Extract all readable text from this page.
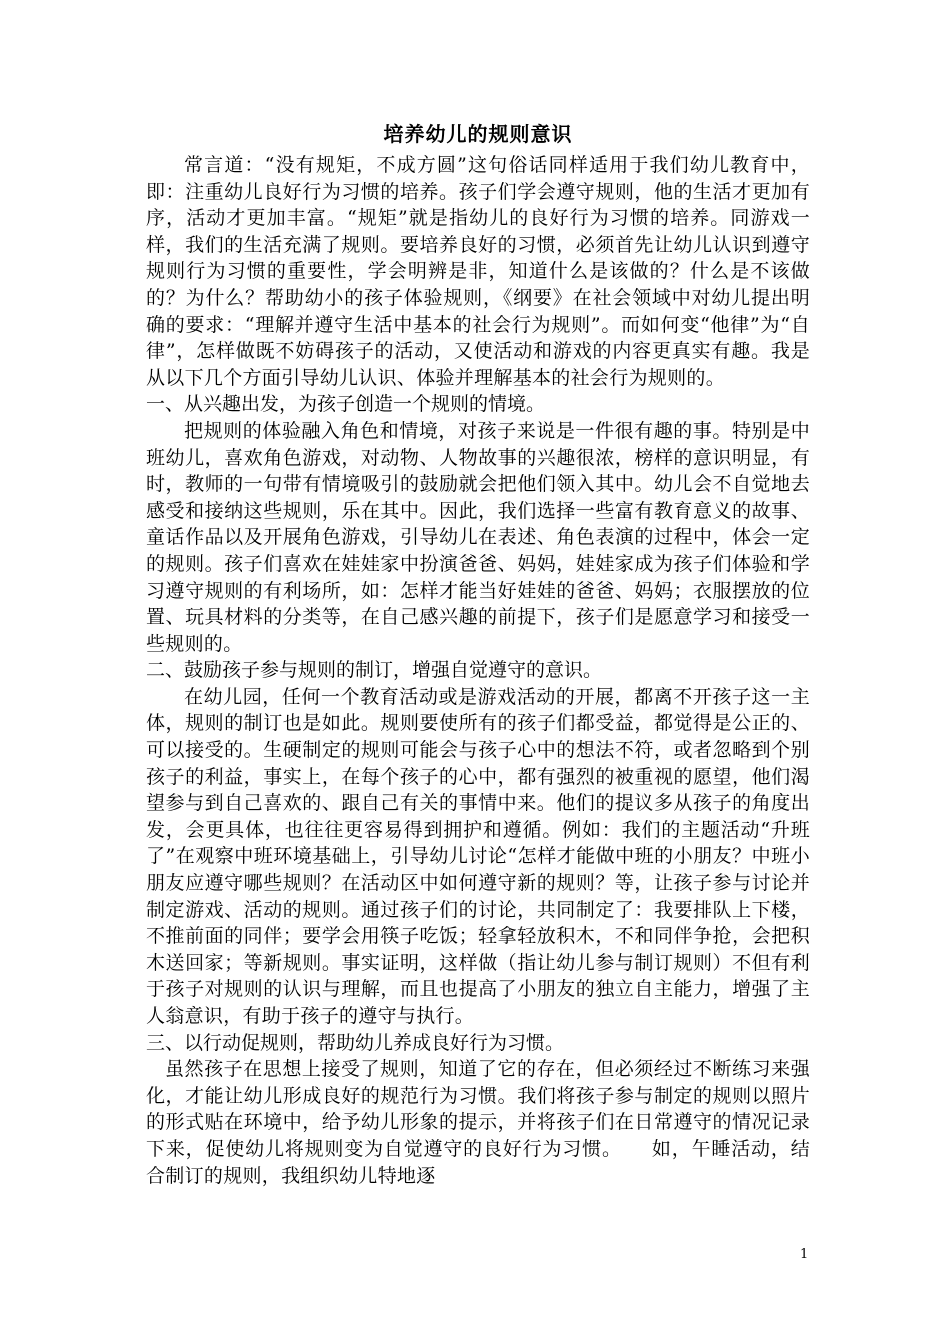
培养幼儿的规则意识

常言道：“没有规矩，不成方圆”这句俗话同样适用于我们幼儿教育中，即：注重幼儿良好行为习惯的培养。孩子们学会遵守规则，他的生活才更加有序，活动才更加丰富。“规矩”就是指幼儿的良好行为习惯的培养。同游戏一样，我们的生活充满了规则。要培养良好的习惯，必须首先让幼儿认识到遵守规则行为习惯的重要性，学会明辨是非，知道什么是该做的？什么是不该做的？为什么？帮助幼小的孩子体验规则，《纲要》在社会领域中对幼儿提出明确的要求：“理解并遵守生活中基本的社会行为规则”。而如何变“他律”为“自律”，怎样做既不妨碍孩子的活动，又使活动和游戏的内容更真实有趣。我是从以下几个方面引导幼儿认识、体验并理解基本的社会行为规则的。

一、从兴趣出发，为孩子创造一个规则的情境。

把规则的体验融入角色和情境，对孩子来说是一件很有趣的事。特别是中班幼儿，喜欢角色游戏，对动物、人物故事的兴趣很浓，榜样的意识明显，有时，教师的一句带有情境吸引的鼓励就会把他们领入其中。幼儿会不自觉地去感受和接纳这些规则，乐在其中。因此，我们选择一些富有教育意义的故事、童话作品以及开展角色游戏，引导幼儿在表述、角色表演的过程中，体会一定的规则。孩子们喜欢在娃娃家中扮演爸爸、妈妈，娃娃家成为孩子们体验和学习遵守规则的有利场所，如：怎样才能当好娃娃的爸爸、妈妈；衣服摆放的位置、玩具材料的分类等，在自己感兴趣的前提下，孩子们是愿意学习和接受一些规则的。

二、鼓励孩子参与规则的制订，增强自觉遵守的意识。

在幼儿园，任何一个教育活动或是游戏活动的开展，都离不开孩子这一主体，规则的制订也是如此。规则要使所有的孩子们都受益，都觉得是公正的、可以接受的。生硬制定的规则可能会与孩子心中的想法不符，或者忽略到个别孩子的利益，事实上，在每个孩子的心中，都有强烈的被重视的愿望，他们渴望参与到自己喜欢的、跟自己有关的事情中来。他们的提议多从孩子的角度出发，会更具体，也往往更容易得到拥护和遵循。例如：我们的主题活动“升班了”在观察中班环境基础上，引导幼儿讨论“怎样才能做中班的小朋友？中班小朋友应遵守哪些规则？在活动区中如何遵守新的规则？等，让孩子参与讨论并制定游戏、活动的规则。通过孩子们的讨论，共同制定了：我要排队上下楼，不推前面的同伴；要学会用筷子吃饭；轻拿轻放积木，不和同伴争抢，会把积木送回家；等新规则。事实证明，这样做（指让幼儿参与制订规则）不但有利于孩子对规则的认识与理解，而且也提高了小朋友的独立自主能力，增强了主人翁意识，有助于孩子的遵守与执行。

三、以行动促规则，帮助幼儿养成良好行为习惯。

虽然孩子在思想上接受了规则，知道了它的存在，但必须经过不断练习来强化，才能让幼儿形成良好的规范行为习惯。我们将孩子参与制定的规则以照片的形式贴在环境中，给予幼儿形象的提示，并将孩子们在日常遵守的情况记录下来，促使幼儿将规则变为自觉遵守的良好行为习惯。　　如，午睡活动，结合制订的规则，我组织幼儿特地逐

1
